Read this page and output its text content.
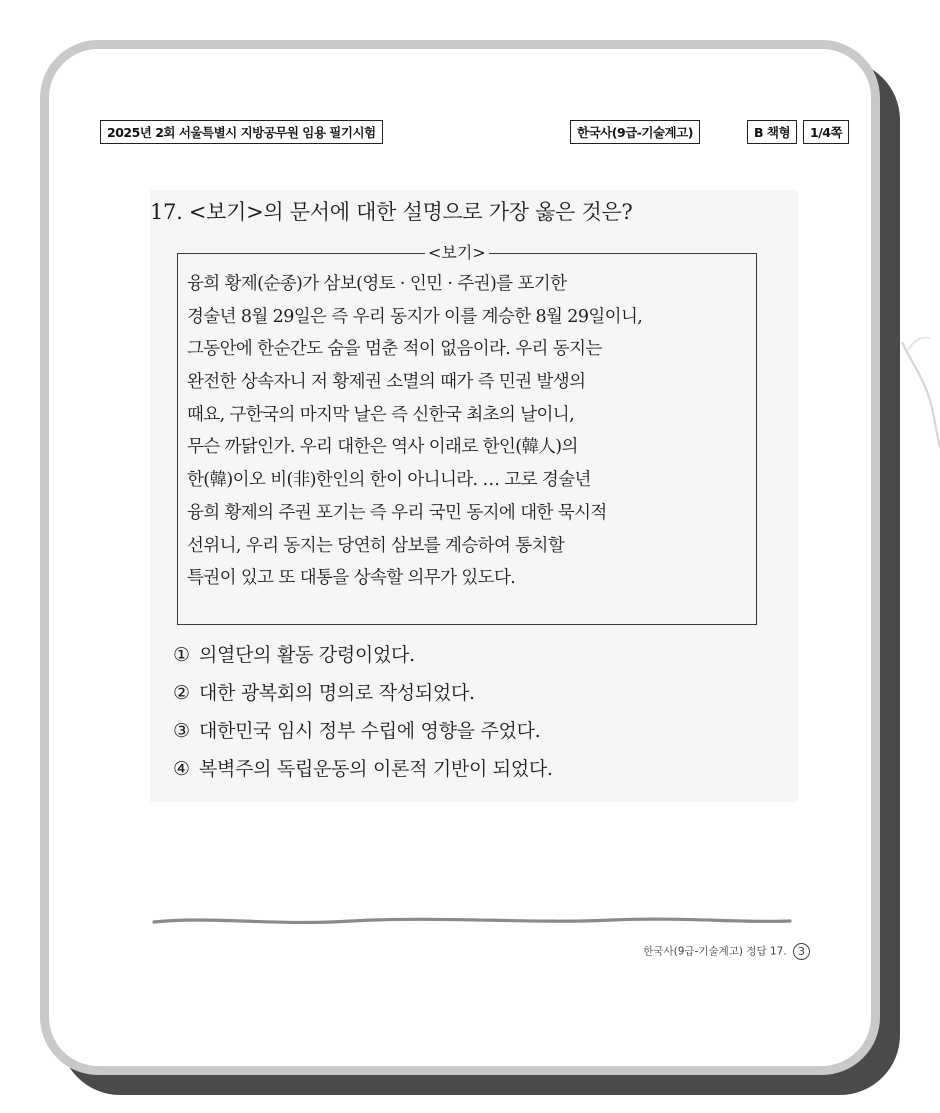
2025년 2회 서울특별시 지방공무원 임용 필기시험	한국사(9급-기술계고)	B 책형	1/4쪽
17. <보기>의 문서에 대한 설명으로 가장 옳은 것은?
<보기>
융희 황제(순종)가 삼보(영토 · 인민 · 주권)를 포기한
경술년 8월 29일은 즉 우리 동지가 이를 계승한 8월 29일이니,
그동안에 한순간도 숨을 멈춘 적이 없음이라. 우리 동지는
완전한 상속자니 저 황제권 소멸의 때가 즉 민권 발생의
때요, 구한국의 마지막 날은 즉 신한국 최초의 날이니,
무슨 까닭인가. 우리 대한은 역사 이래로 한인(韓人)의
한(韓)이오 비(非)한인의 한이 아니니라. … 고로 경술년
융희 황제의 주권 포기는 즉 우리 국민 동지에 대한 묵시적
선위니, 우리 동지는 당연히 삼보를 계승하여 통치할
특권이 있고 또 대통을 상속할 의무가 있도다.
① 의열단의 활동 강령이었다.
② 대한 광복회의 명의로 작성되었다.
③ 대한민국 임시 정부 수립에 영향을 주었다.
④ 복벽주의 독립운동의 이론적 기반이 되었다.
한국사(9급-기술계고) 정답 17. 3
